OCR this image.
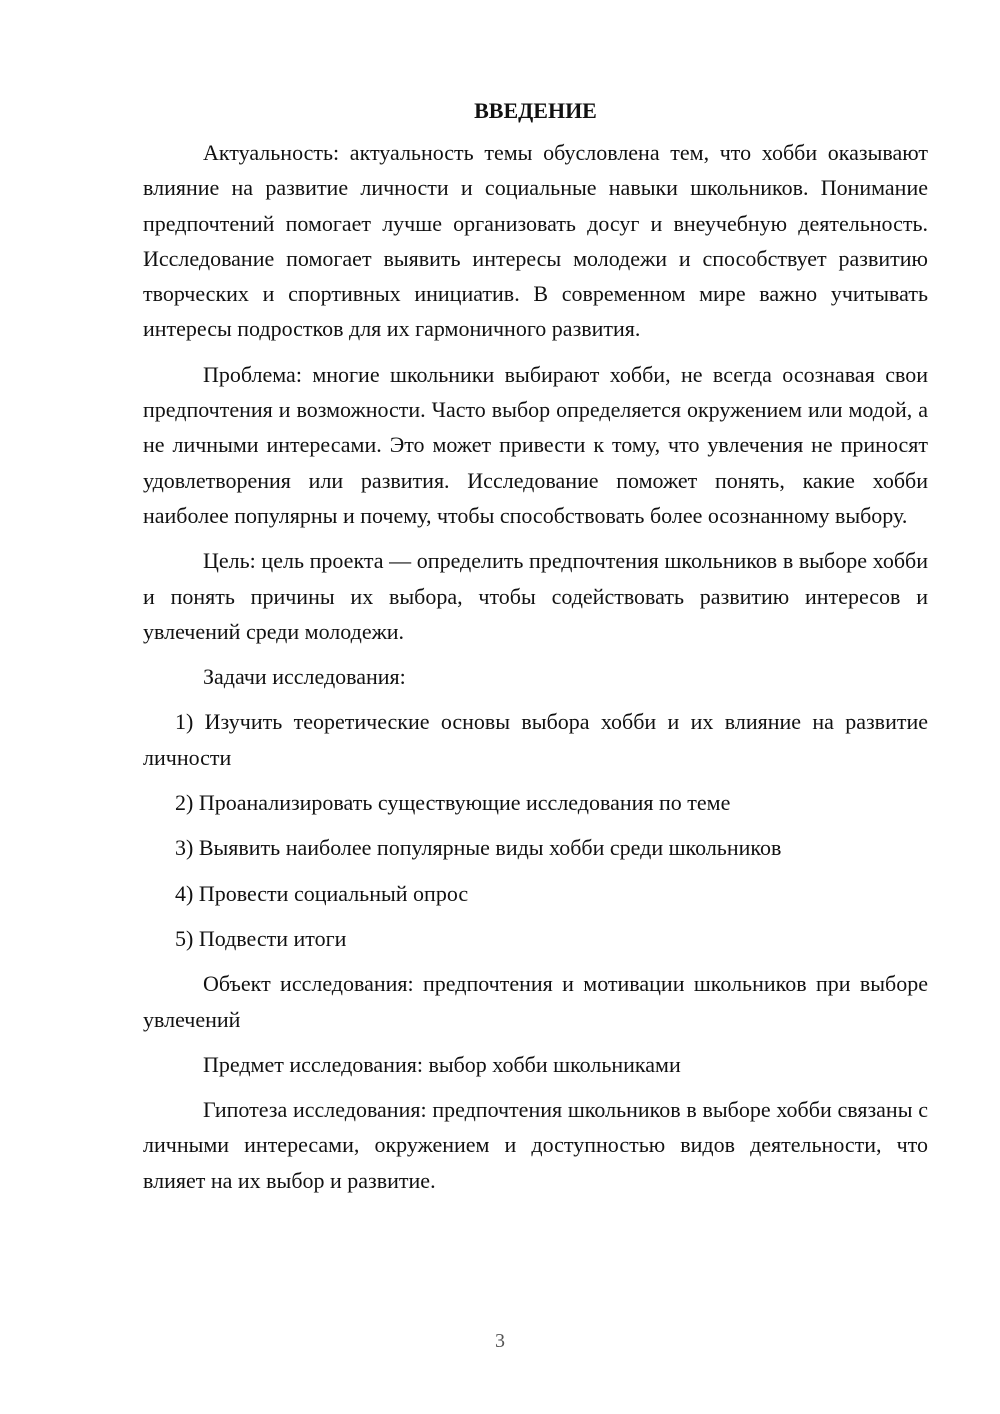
ВВЕДЕНИЕ

Актуальность: актуальность темы обусловлена тем, что хобби оказывают влияние на развитие личности и социальные навыки школьников. Понимание предпочтений помогает лучше организовать досуг и внеучебную деятельность. Исследование помогает выявить интересы молодежи и способствует развитию творческих и спортивных инициатив. В современном мире важно учитывать интересы подростков для их гармоничного развития.

Проблема: многие школьники выбирают хобби, не всегда осознавая свои предпочтения и возможности. Часто выбор определяется окружением или модой, а не личными интересами. Это может привести к тому, что увлечения не приносят удовлетворения или развития. Исследование поможет понять, какие хобби наиболее популярны и почему, чтобы способствовать более осознанному выбору.

Цель: цель проекта — определить предпочтения школьников в выборе хобби и понять причины их выбора, чтобы содействовать развитию интересов и увлечений среди молодежи.

Задачи исследования:

1) Изучить теоретические основы выбора хобби и их влияние на развитие личности

2) Проанализировать существующие исследования по теме

3) Выявить наиболее популярные виды хобби среди школьников

4) Провести социальный опрос

5) Подвести итоги

Объект исследования: предпочтения и мотивации школьников при выборе увлечений

Предмет исследования: выбор хобби школьниками

Гипотеза исследования: предпочтения школьников в выборе хобби связаны с личными интересами, окружением и доступностью видов деятельности, что влияет на их выбор и развитие.

3
